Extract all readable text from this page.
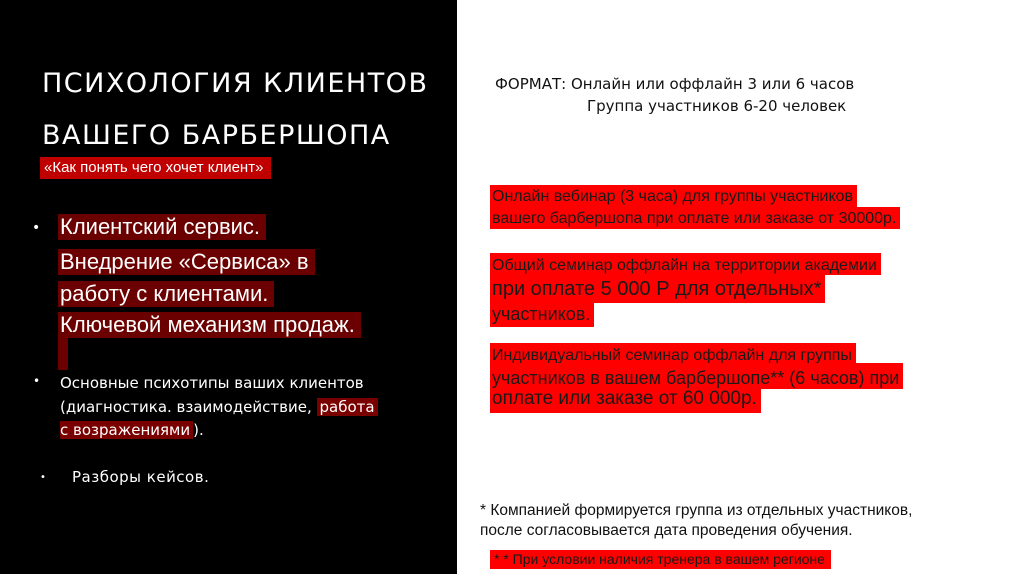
ПСИХОЛОГИЯ КЛИЕНТОВ
ВАШЕГО БАРБЕРШОПА
«Как понять чего хочет клиент»
• Клиентский сервис.
Внедрение «Сервиса» в
работу с клиентами.
Ключевой механизм продаж.
• Основные психотипы ваших клиентов
(диагностика. взаимодействие, работа
с возражениями ).
• Разборы кейсов.
ФОРМАТ: Онлайн или оффлайн 3 или 6 часов
Группа участников 6-20 человек
Онлайн вебинар (3 часа) для группы участников
вашего барбершопа при оплате или заказе от 30000р.
Общий семинар оффлайн на территории академии
при оплате 5 000 Р для отдельных*
участников.
Индивидуальный семинар оффлайн для группы
участников в вашем барбершопе** (6 часов) при
оплате или заказе от 60 000р.
* Компанией формируется группа из отдельных участников,
после согласовывается дата проведения обучения.
* * При условии наличия тренера в вашем регионе
